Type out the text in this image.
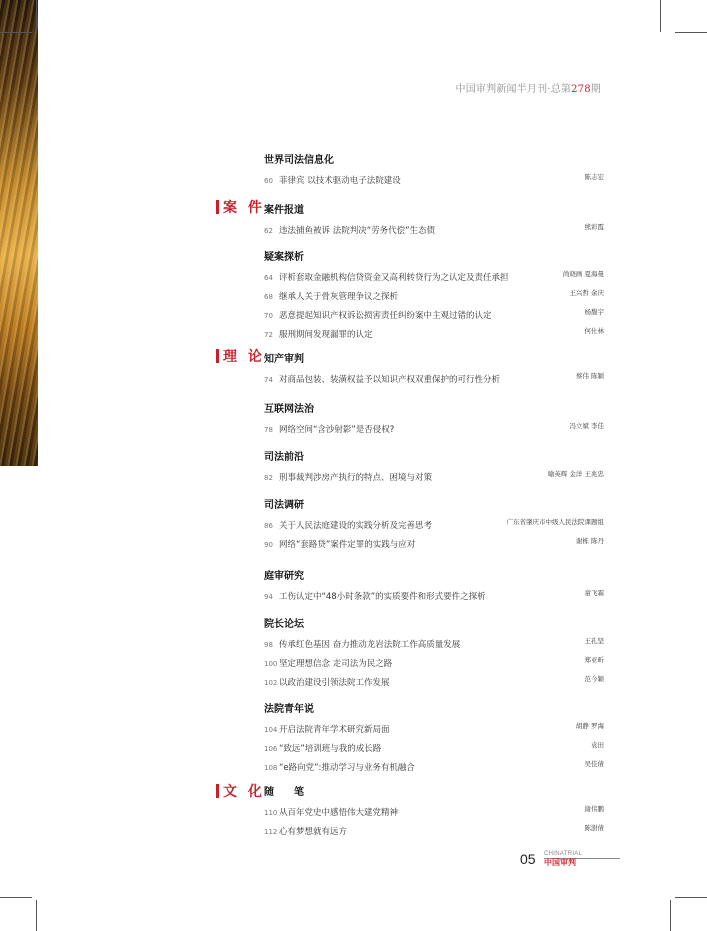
中国审判新闻半月刊·总第278期
案 件
理 论
文 化
世界司法信息化
60 菲律宾 以技术驱动电子法院建设	陈志宏
案件报道
62 违法捕鱼被诉 法院判决“劳务代偿”生态债	熊彩霞
疑案探析
64 评析套取金融机构信贷资金又高利转贷行为之认定及责任承担	尚晓画 夏海曼
68 继承人关于骨灰管理争议之探析	王兴哲 余庆
70 恶意提起知识产权诉讼损害责任纠纷案中主观过错的认定	杨馥宇
72 服刑期间发现漏罪的认定	何仕林
知产审判
74 对商品包装、装潢权益予以知识产权双重保护的可行性分析	蔡伟 陈颖
互联网法治
78 网络空间“含沙射影”是否侵权?	冯立斌 李佳
司法前沿
82 刑事裁判涉房产执行的特点、困境与对策	喻英辉 金洋 王兆忠
司法调研
86 关于人民法庭建设的实践分析及完善思考	广东省肇庆市中级人民法院课题组
90 网络“套路贷”案件定罪的实践与应对	谢栋 陈丹
庭审研究
94 工伤认定中“48小时条款”的实质要件和形式要件之探析	童飞霜
院长论坛
98 传承红色基因 奋力推动龙岩法院工作高质量发展	王孔坚
100 坚定理想信念 走司法为民之路	郑亚昕
102 以政治建设引领法院工作发展	范今颖
法院青年说
104 开启法院青年学术研究新局面	胡静 罗海
106 “致远”培训班与我的成长路	袁田
108 “e路向党”:推动学习与业务有机融合	吴佳倩
随　　笔
110 从百年党史中感悟伟大建党精神	谢伟鹏
112 心有梦想就有远方	陈澍倩
05 CHINATRIAL
中国审判
